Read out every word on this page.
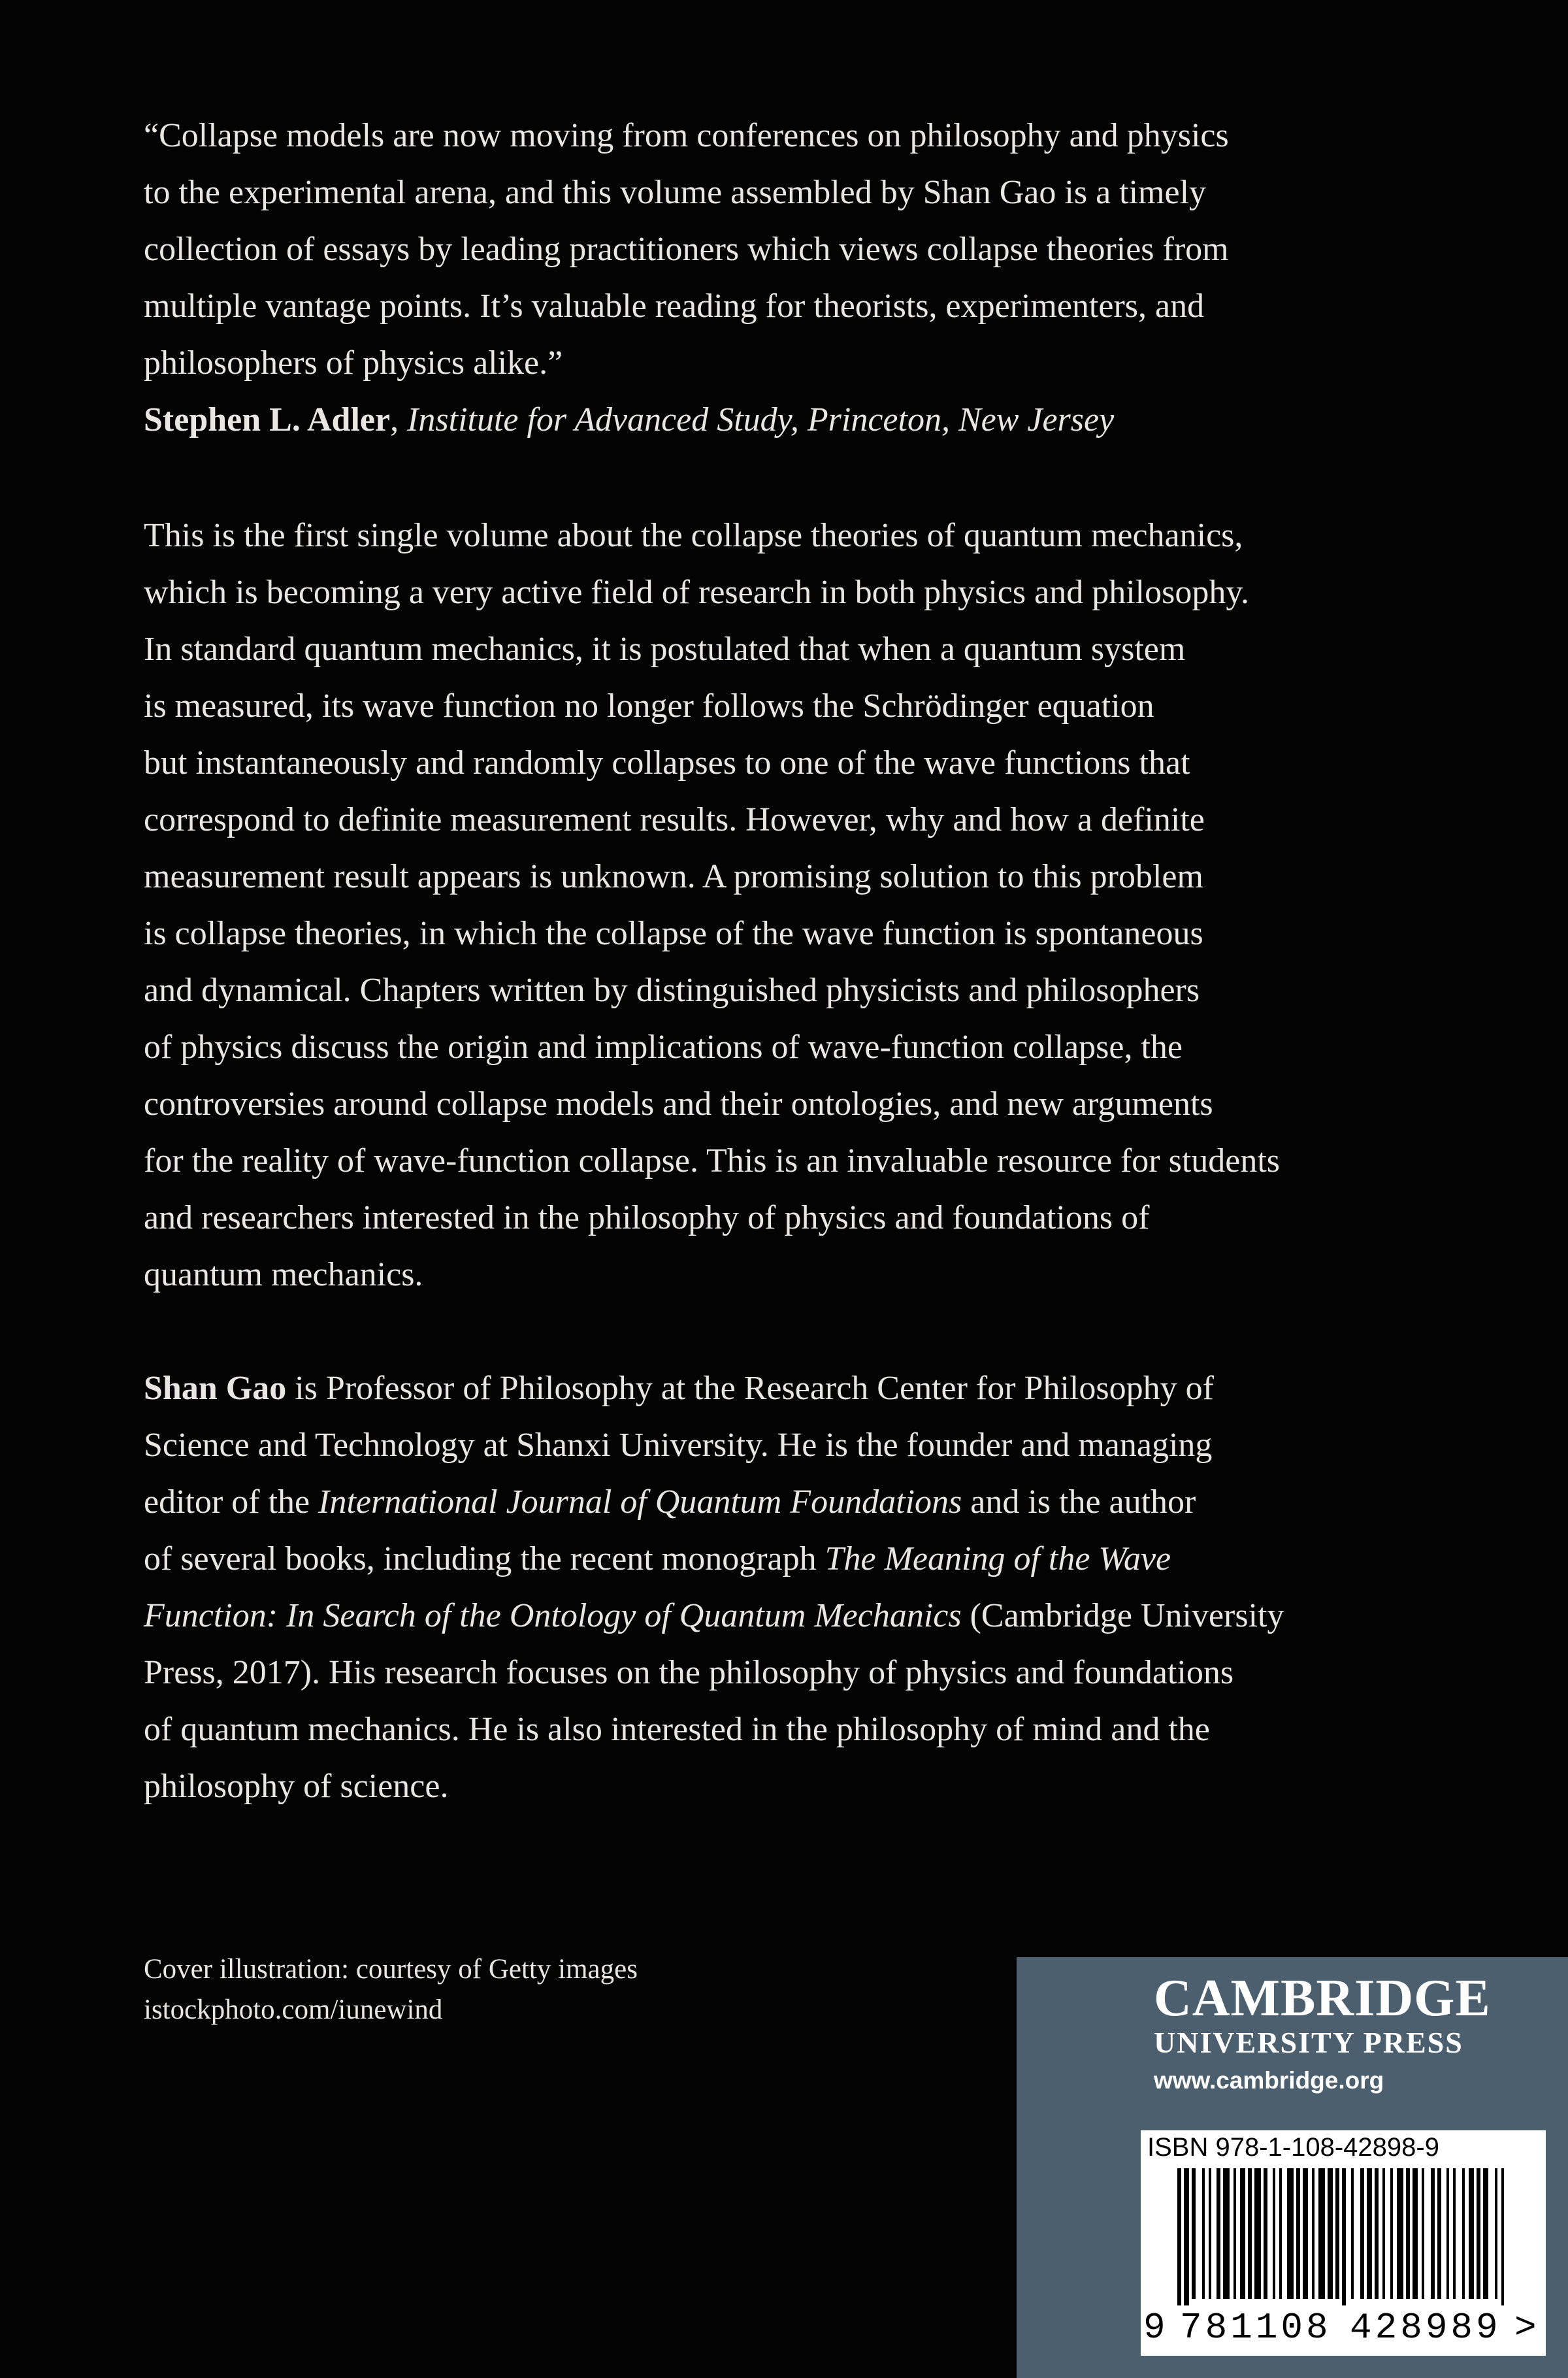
“Collapse models are now moving from conferences on philosophy and physics
to the experimental arena, and this volume assembled by Shan Gao is a timely
collection of essays by leading practitioners which views collapse theories from
multiple vantage points. It’s valuable reading for theorists, experimenters, and
philosophers of physics alike.”
Stephen L. Adler, Institute for Advanced Study, Princeton, New Jersey
This is the first single volume about the collapse theories of quantum mechanics,
which is becoming a very active field of research in both physics and philosophy.
In standard quantum mechanics, it is postulated that when a quantum system
is measured, its wave function no longer follows the Schrödinger equation
but instantaneously and randomly collapses to one of the wave functions that
correspond to definite measurement results. However, why and how a definite
measurement result appears is unknown. A promising solution to this problem
is collapse theories, in which the collapse of the wave function is spontaneous
and dynamical. Chapters written by distinguished physicists and philosophers
of physics discuss the origin and implications of wave-function collapse, the
controversies around collapse models and their ontologies, and new arguments
for the reality of wave-function collapse. This is an invaluable resource for students
and researchers interested in the philosophy of physics and foundations of
quantum mechanics.
Shan Gao is Professor of Philosophy at the Research Center for Philosophy of
Science and Technology at Shanxi University. He is the founder and managing
editor of the International Journal of Quantum Foundations and is the author
of several books, including the recent monograph The Meaning of the Wave
Function: In Search of the Ontology of Quantum Mechanics (Cambridge University
Press, 2017). His research focuses on the philosophy of physics and foundations
of quantum mechanics. He is also interested in the philosophy of mind and the
philosophy of science.
Cover illustration: courtesy of Getty images
istockphoto.com/iunewind	CAMBRIDGE
UNIVERSITY PRESS
www.cambridge.org
ISBN 978-1-108-42898-9
9 781108 428989 >
